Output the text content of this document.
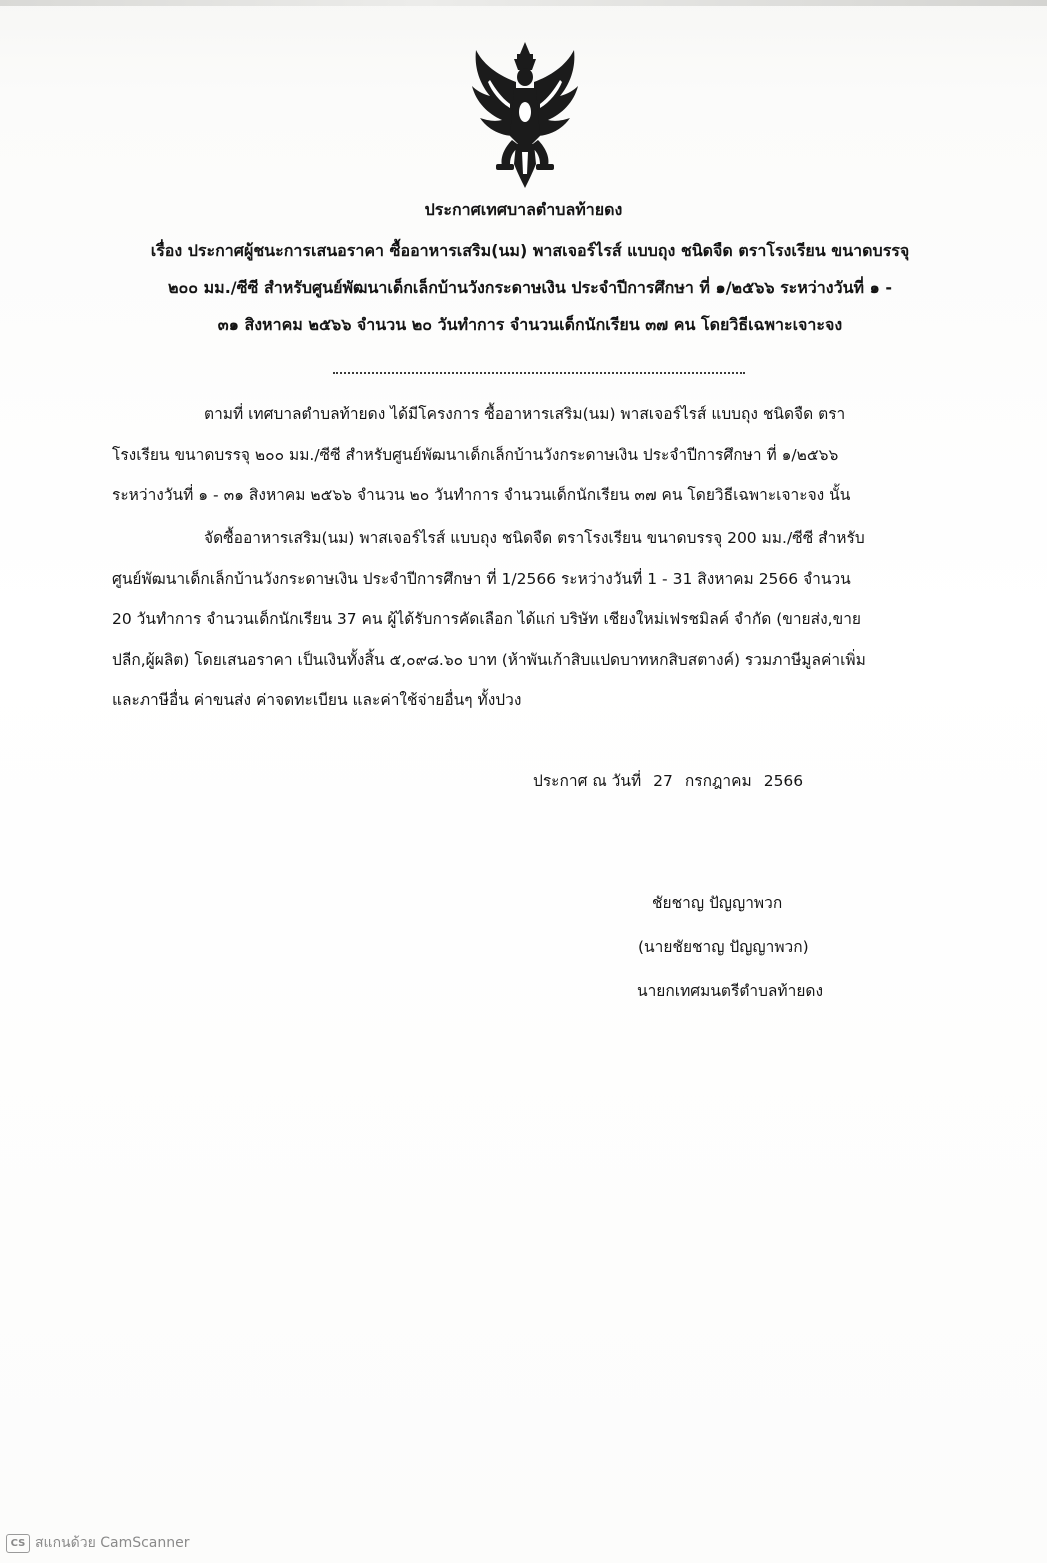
ประกาศเทศบาลตำบลท้ายดง

เรื่อง ประกาศผู้ชนะการเสนอราคา ซื้ออาหารเสริม(นม) พาสเจอร์ไรส์ แบบถุง ชนิดจืด ตราโรงเรียน ขนาดบรรจุ
๒๐๐ มม./ซีซี สำหรับศูนย์พัฒนาเด็กเล็กบ้านวังกระดาษเงิน ประจำปีการศึกษา ที่ ๑/๒๕๖๖ ระหว่างวันที่ ๑ -
๓๑ สิงหาคม ๒๕๖๖ จำนวน ๒๐ วันทำการ จำนวนเด็กนักเรียน ๓๗ คน โดยวิธีเฉพาะเจาะจง

ตามที่ เทศบาลตำบลท้ายดง ได้มีโครงการ ซื้ออาหารเสริม(นม) พาสเจอร์ไรส์ แบบถุง ชนิดจืด ตรา
โรงเรียน ขนาดบรรจุ ๒๐๐ มม./ซีซี สำหรับศูนย์พัฒนาเด็กเล็กบ้านวังกระดาษเงิน ประจำปีการศึกษา ที่ ๑/๒๕๖๖
ระหว่างวันที่ ๑ - ๓๑ สิงหาคม ๒๕๖๖ จำนวน ๒๐ วันทำการ จำนวนเด็กนักเรียน ๓๗ คน โดยวิธีเฉพาะเจาะจง นั้น

จัดซื้ออาหารเสริม(นม) พาสเจอร์ไรส์ แบบถุง ชนิดจืด ตราโรงเรียน ขนาดบรรจุ 200 มม./ซีซี สำหรับ
ศูนย์พัฒนาเด็กเล็กบ้านวังกระดาษเงิน ประจำปีการศึกษา ที่ 1/2566 ระหว่างวันที่ 1 - 31 สิงหาคม 2566 จำนวน
20 วันทำการ จำนวนเด็กนักเรียน 37 คน ผู้ได้รับการคัดเลือก ได้แก่ บริษัท เชียงใหม่เฟรชมิลค์ จำกัด (ขายส่ง,ขาย
ปลีก,ผู้ผลิต) โดยเสนอราคา เป็นเงินทั้งสิ้น ๕,๐๙๘.๖๐ บาท (ห้าพันเก้าสิบแปดบาทหกสิบสตางค์) รวมภาษีมูลค่าเพิ่ม
และภาษีอื่น ค่าขนส่ง ค่าจดทะเบียน และค่าใช้จ่ายอื่นๆ ทั้งปวง

ประกาศ ณ วันที่ 27 กรกฎาคม 2566
ชัยชาญ ปัญญาพวก
(นายชัยชาญ ปัญญาพวก)
นายกเทศมนตรีตำบลท้ายดง
CS สแกนด้วย CamScanner
